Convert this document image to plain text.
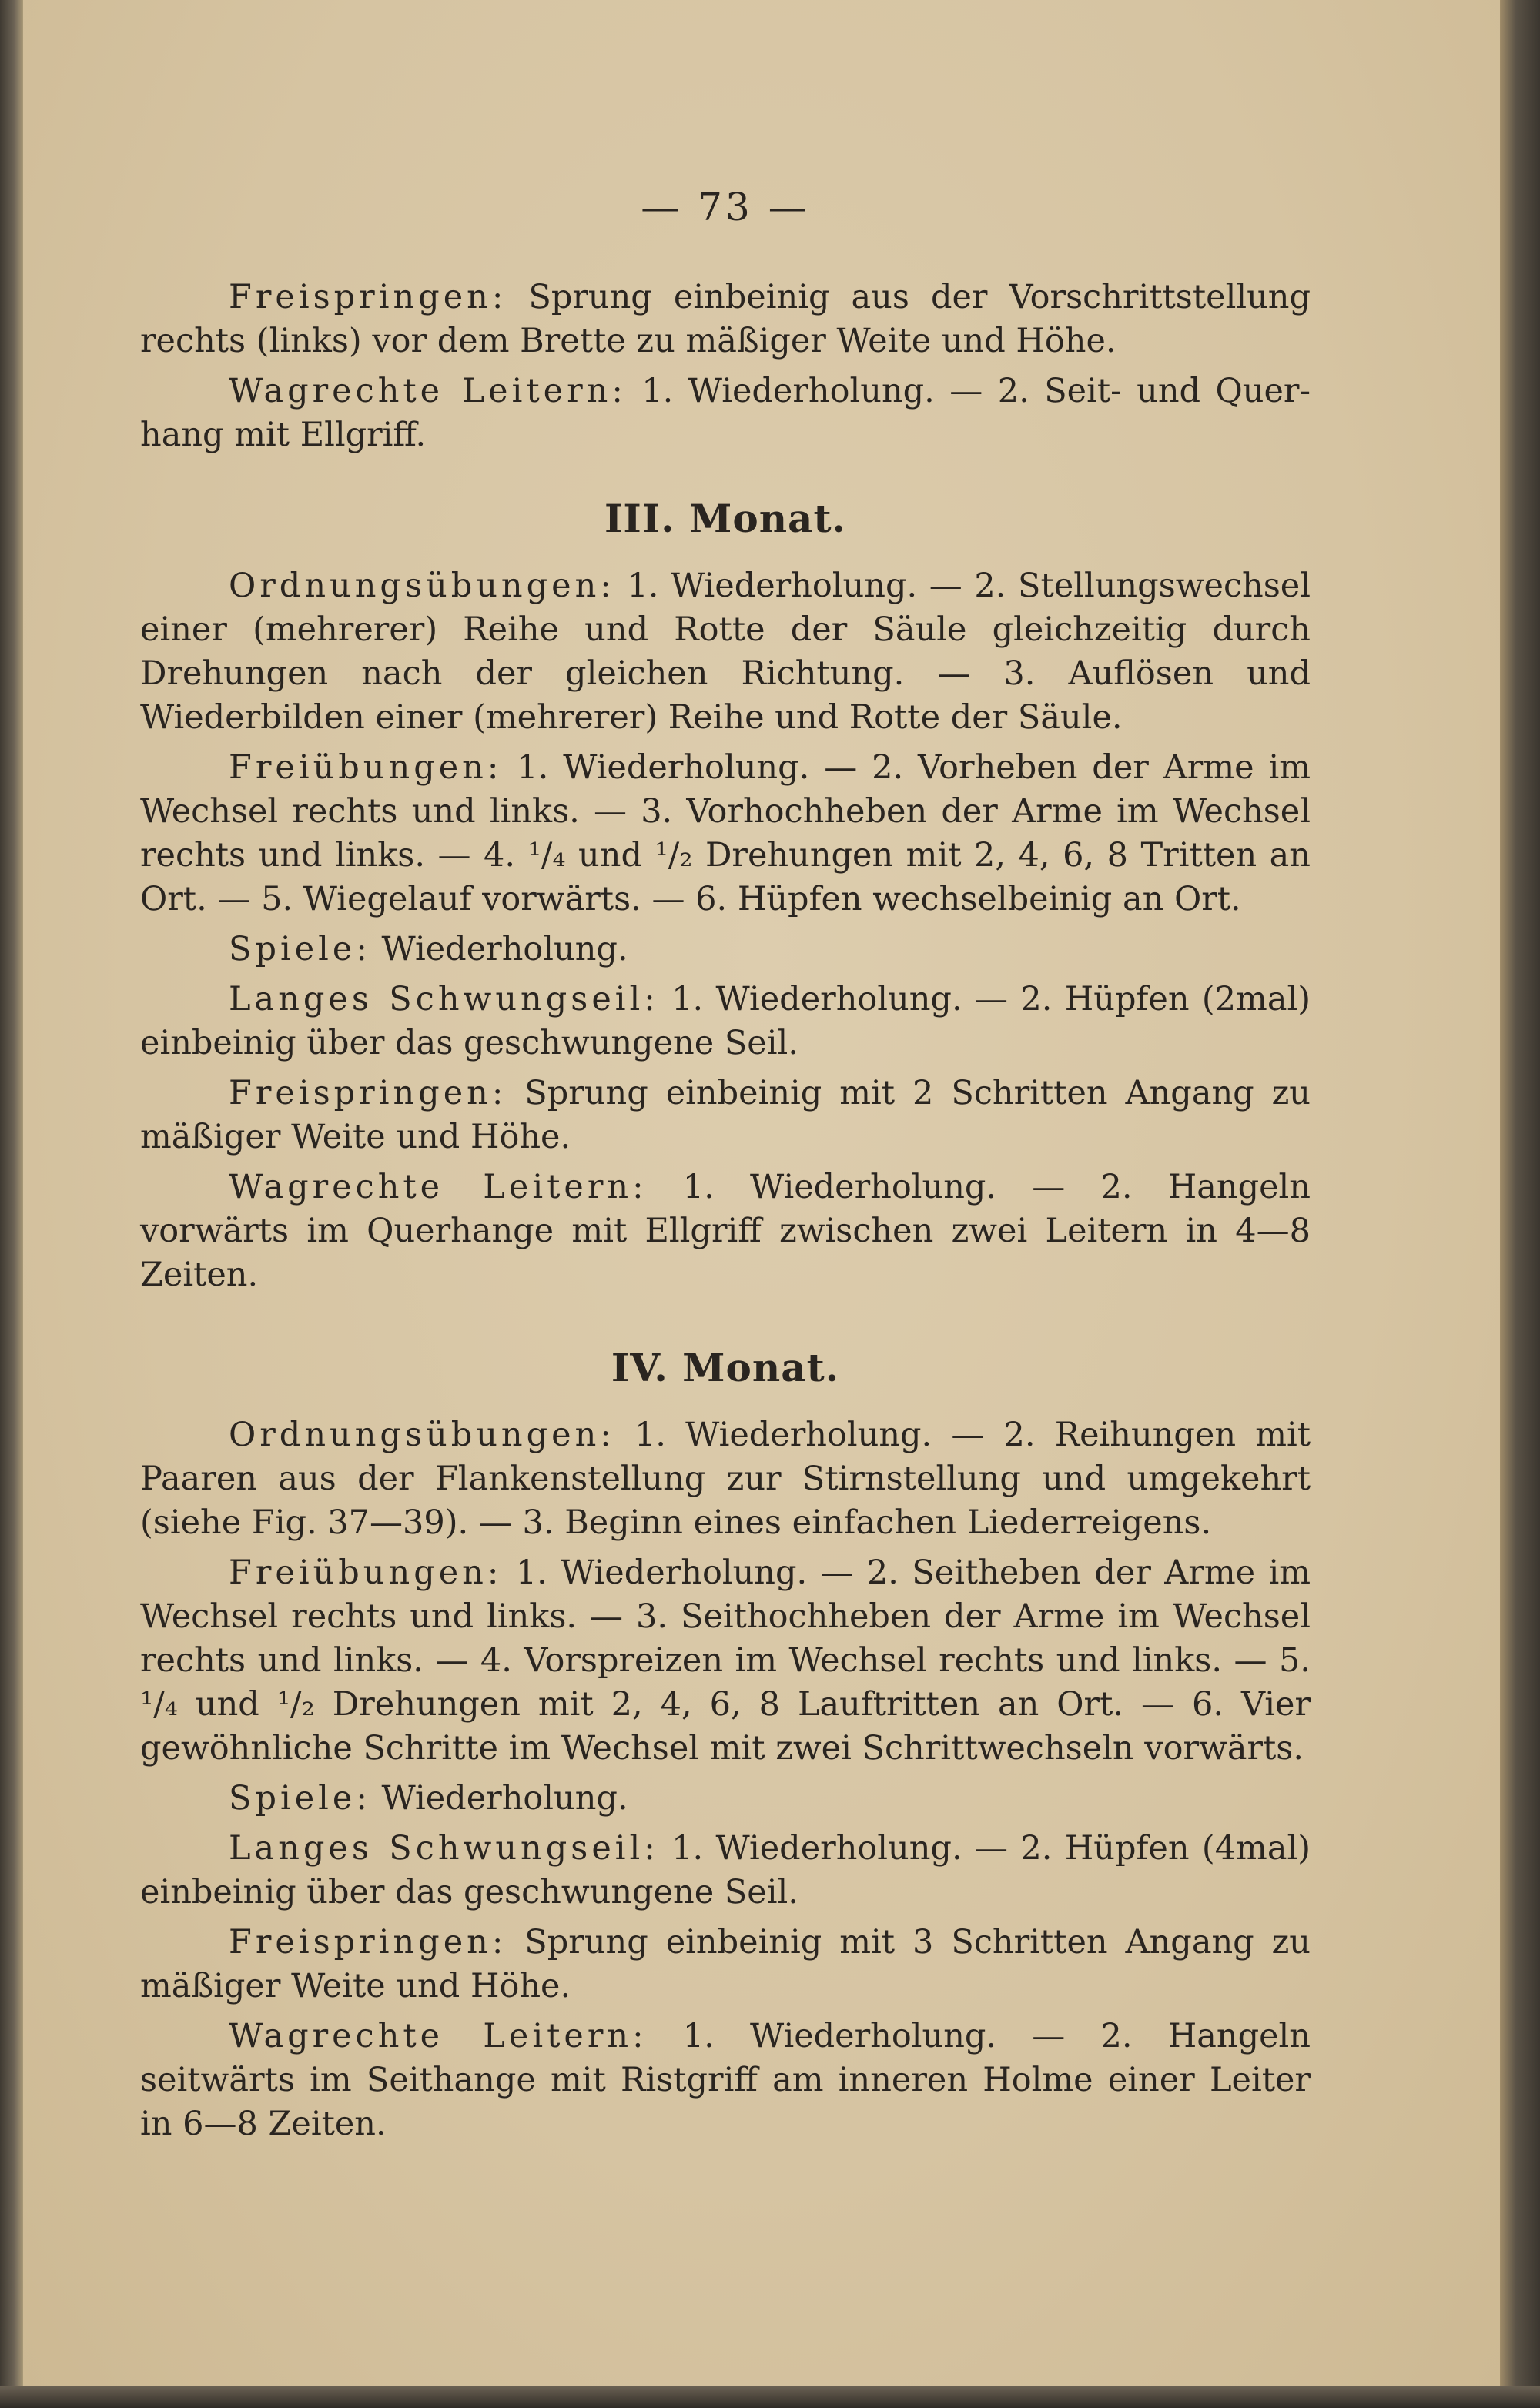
— 73 —

Freispringen: Sprung einbeinig aus der Vorschrittstellung rechts (links) vor dem Brette zu mäßiger Weite und Höhe.

Wagrechte Leitern: 1. Wiederholung. — 2. Seit- und Quer-hang mit Ellgriff.

III. Monat.

Ordnungsübungen: 1. Wiederholung. — 2. Stellungswechsel einer (mehrerer) Reihe und Rotte der Säule gleichzeitig durch Drehungen nach der gleichen Richtung. — 3. Auflösen und Wiederbilden einer (mehrerer) Reihe und Rotte der Säule.

Freiübungen: 1. Wiederholung. — 2. Vorheben der Arme im Wechsel rechts und links. — 3. Vorhochheben der Arme im Wechsel rechts und links. — 4. ¹/₄ und ¹/₂ Drehungen mit 2, 4, 6, 8 Tritten an Ort. — 5. Wiegelauf vorwärts. — 6. Hüpfen wechselbeinig an Ort.

Spiele: Wiederholung.

Langes Schwungseil: 1. Wiederholung. — 2. Hüpfen (2mal) einbeinig über das geschwungene Seil.

Freispringen: Sprung einbeinig mit 2 Schritten Angang zu mäßiger Weite und Höhe.

Wagrechte Leitern: 1. Wiederholung. — 2. Hangeln vorwärts im Querhange mit Ellgriff zwischen zwei Leitern in 4—8 Zeiten.

IV. Monat.

Ordnungsübungen: 1. Wiederholung. — 2. Reihungen mit Paaren aus der Flankenstellung zur Stirnstellung und umgekehrt (siehe Fig. 37—39). — 3. Beginn eines einfachen Liederreigens.

Freiübungen: 1. Wiederholung. — 2. Seitheben der Arme im Wechsel rechts und links. — 3. Seithochheben der Arme im Wechsel rechts und links. — 4. Vorspreizen im Wechsel rechts und links. — 5. ¹/₄ und ¹/₂ Drehungen mit 2, 4, 6, 8 Lauftritten an Ort. — 6. Vier gewöhnliche Schritte im Wechsel mit zwei Schrittwechseln vorwärts.

Spiele: Wiederholung.

Langes Schwungseil: 1. Wiederholung. — 2. Hüpfen (4mal) einbeinig über das geschwungene Seil.

Freispringen: Sprung einbeinig mit 3 Schritten Angang zu mäßiger Weite und Höhe.

Wagrechte Leitern: 1. Wiederholung. — 2. Hangeln seitwärts im Seithange mit Ristgriff am inneren Holme einer Leiter in 6—8 Zeiten.
